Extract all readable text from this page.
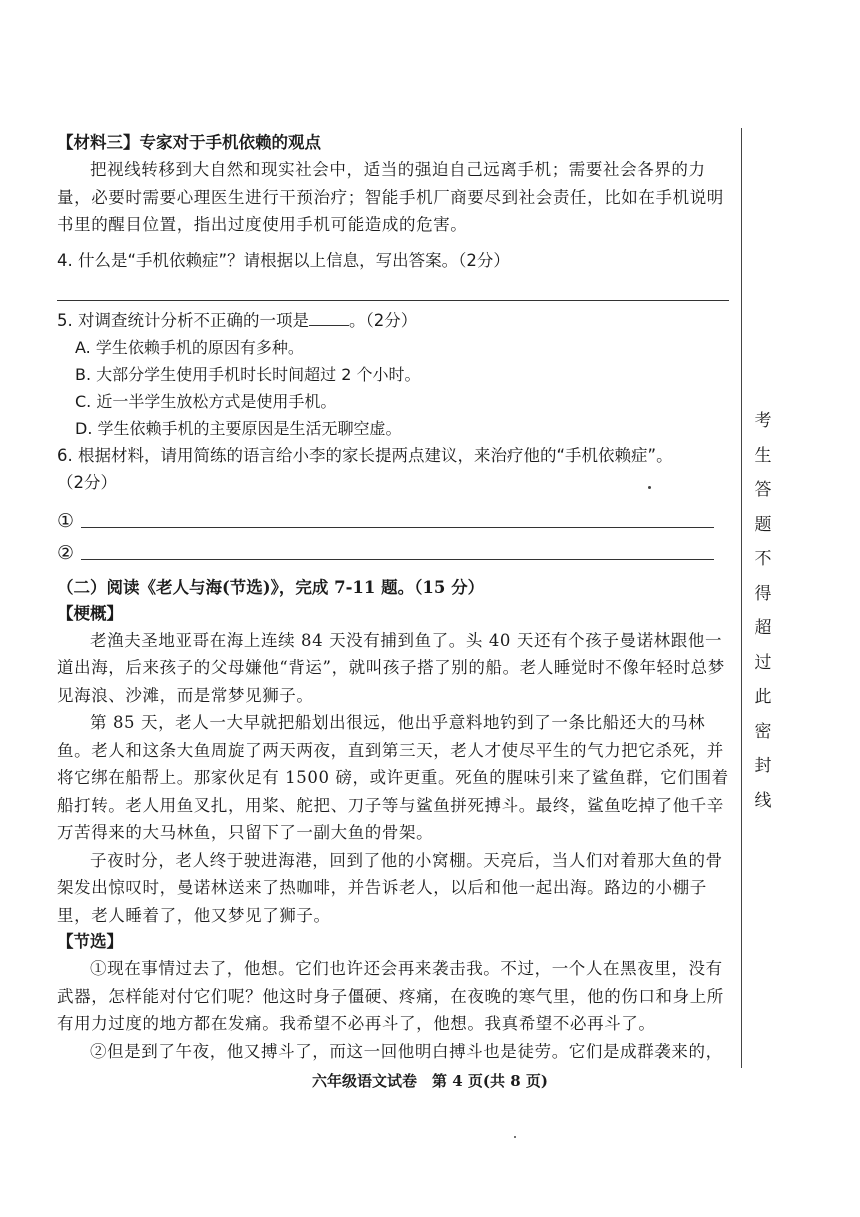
【材料三】专家对于手机依赖的观点

把视线转移到大自然和现实社会中，适当的强迫自己远离手机；需要社会各界的力量，必要时需要心理医生进行干预治疗；智能手机厂商要尽到社会责任，比如在手机说明书里的醒目位置，指出过度使用手机可能造成的危害。

4. 什么是“手机依赖症”？请根据以上信息，写出答案。（2分）

5. 对调查统计分析不正确的一项是 。（2分）

A. 学生依赖手机的原因有多种。

B. 大部分学生使用手机时长时间超过 2 个小时。

C. 近一半学生放松方式是使用手机。

D. 学生依赖手机的主要原因是生活无聊空虚。

6. 根据材料，请用简练的语言给小李的家长提两点建议，来治疗他的“手机依赖症”。

（2分）

①
②

（二）阅读《老人与海(节选)》，完成 7-11 题。（15 分）

【梗概】

老渔夫圣地亚哥在海上连续 84 天没有捕到鱼了。头 40 天还有个孩子曼诺林跟他一道出海，后来孩子的父母嫌他“背运”，就叫孩子搭了别的船。老人睡觉时不像年轻时总梦见海浪、沙滩，而是常梦见狮子。

第 85 天，老人一大早就把船划出很远，他出乎意料地钓到了一条比船还大的马林鱼。老人和这条大鱼周旋了两天两夜，直到第三天，老人才使尽平生的气力把它杀死，并将它绑在船帮上。那家伙足有 1500 磅，或许更重。死鱼的腥味引来了鲨鱼群，它们围着船打转。老人用鱼叉扎，用桨、舵把、刀子等与鲨鱼拼死搏斗。最终，鲨鱼吃掉了他千辛万苦得来的大马林鱼，只留下了一副大鱼的骨架。

子夜时分，老人终于驶进海港，回到了他的小窝棚。天亮后，当人们对着那大鱼的骨架发出惊叹时，曼诺林送来了热咖啡，并告诉老人，以后和他一起出海。路边的小棚子里，老人睡着了，他又梦见了狮子。

【节选】

①现在事情过去了，他想。它们也许还会再来袭击我。不过，一个人在黑夜里，没有武器，怎样能对付它们呢？他这时身子僵硬、疼痛，在夜晚的寒气里，他的伤口和身上所有用力过度的地方都在发痛。我希望不必再斗了，他想。我真希望不必再斗了。

②但是到了午夜，他又搏斗了，而这一回他明白搏斗也是徒劳。它们是成群袭来的，

六年级语文试卷　第 4 页(共 8 页)
考
生
答
题
不
得
超
过
此
密
封
线
